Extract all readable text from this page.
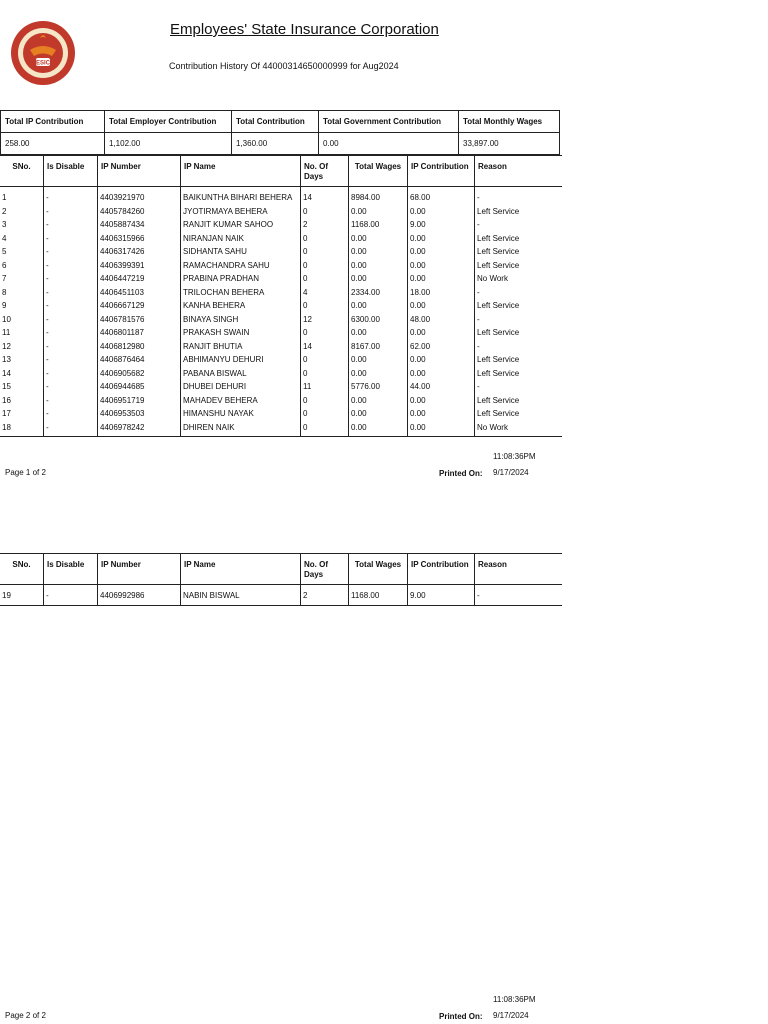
ESIC
Employees' State Insurance Corporation
Contribution History Of 44000314650000999 for Aug2024
Total IP Contribution	Total Employer Contribution	Total Contribution	Total Government Contribution	Total Monthly Wages
258.00	1,102.00	1,360.00	0.00	33,897.00
SNo.	Is Disable	IP Number	IP Name	No. Of Days	Total Wages	IP Contribution	Reason
1	-	4403921970	BAIKUNTHA BIHARI BEHERA	14	8984.00	68.00	-
2	-	4405784260	JYOTIRMAYA BEHERA	0	0.00	0.00	Left Service
3	-	4405887434	RANJIT KUMAR SAHOO	2	1168.00	9.00	-
4	-	4406315966	NIRANJAN NAIK	0	0.00	0.00	Left Service
5	-	4406317426	SIDHANTA SAHU	0	0.00	0.00	Left Service
6	-	4406399391	RAMACHANDRA SAHU	0	0.00	0.00	Left Service
7	-	4406447219	PRABINA PRADHAN	0	0.00	0.00	No Work
8	-	4406451103	TRILOCHAN BEHERA	4	2334.00	18.00	-
9	-	4406667129	KANHA BEHERA	0	0.00	0.00	Left Service
10	-	4406781576	BINAYA SINGH	12	6300.00	48.00	-
11	-	4406801187	PRAKASH SWAIN	0	0.00	0.00	Left Service
12	-	4406812980	RANJIT BHUTIA	14	8167.00	62.00	-
13	-	4406876464	ABHIMANYU DEHURI	0	0.00	0.00	Left Service
14	-	4406905682	PABANA BISWAL	0	0.00	0.00	Left Service
15	-	4406944685	DHUBEI DEHURI	11	5776.00	44.00	-
16	-	4406951719	MAHADEV BEHERA	0	0.00	0.00	Left Service
17	-	4406953503	HIMANSHU NAYAK	0	0.00	0.00	Left Service
18	-	4406978242	DHIREN NAIK	0	0.00	0.00	No Work
11:08:36PM
Page 1 of 2	Printed On: 9/17/2024
SNo.	Is Disable	IP Number	IP Name	No. Of Days	Total Wages	IP Contribution	Reason
19	-	4406992986	NABIN BISWAL	2	1168.00	9.00	-
11:08:36PM
Page 2 of 2	Printed On: 9/17/2024
